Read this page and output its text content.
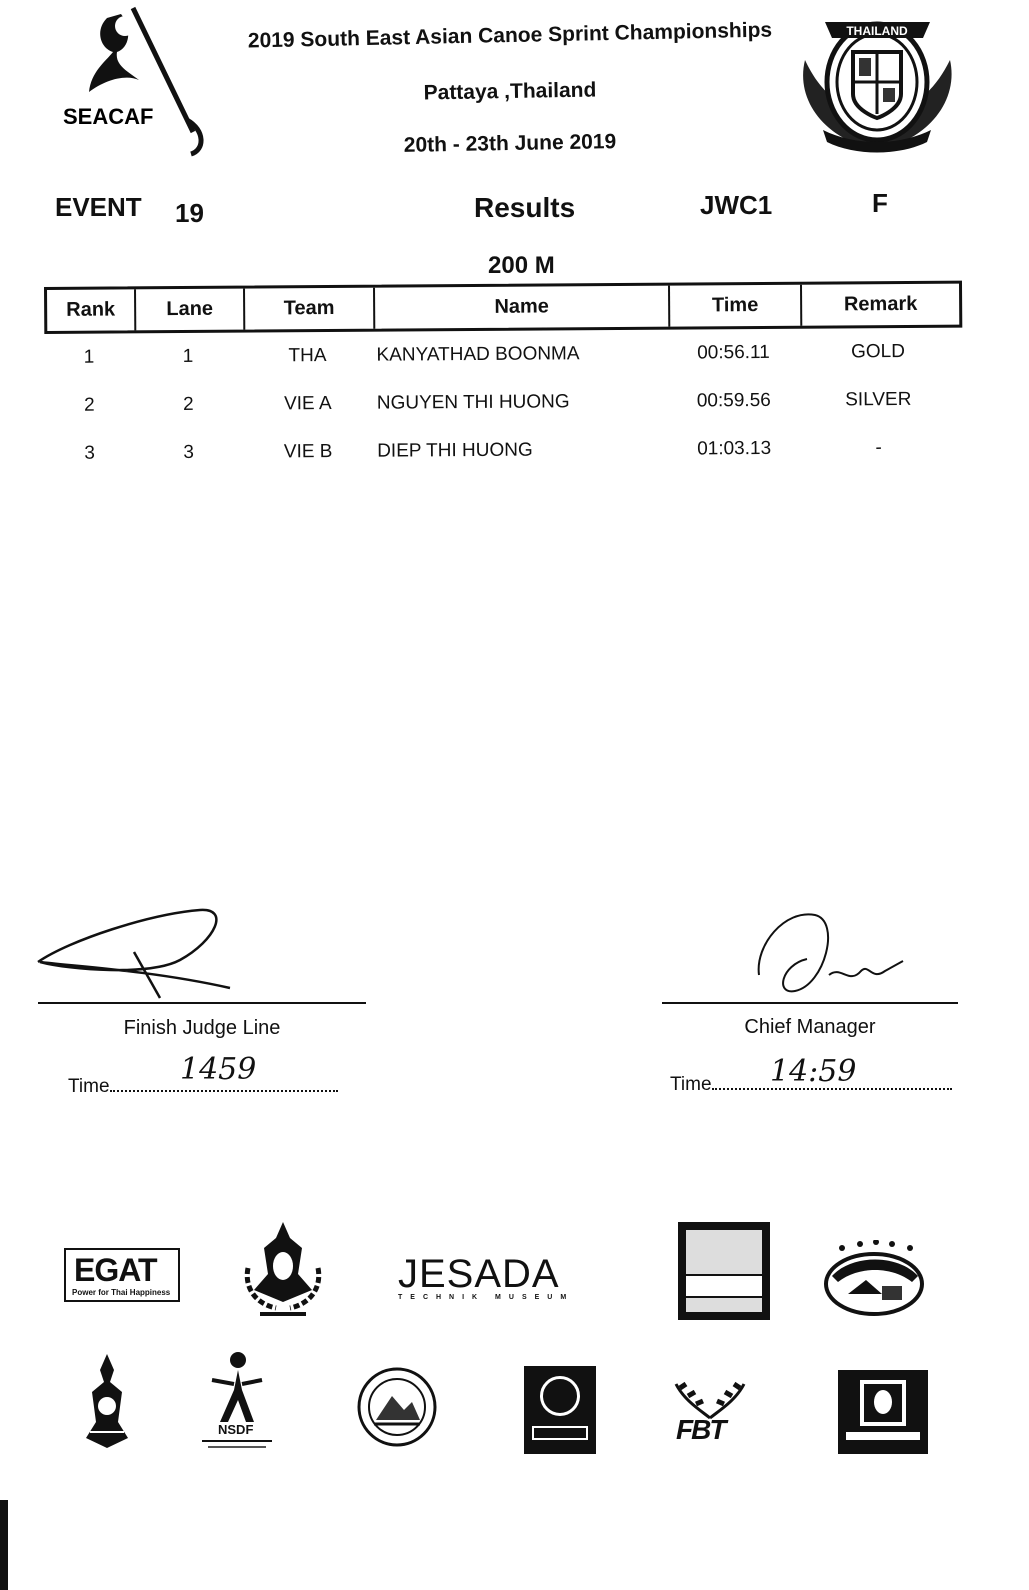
SEACAF
2019 South East Asian Canoe Sprint Championships
Pattaya ,Thailand
20th - 23th June 2019
THAILAND
EVENT 19	Results	JWC1	F
200 M
Rank	Lane	Team	Name	Time	Remark
1	1	THA	KANYATHAD BOONMA	00:56.11	GOLD
2	2	VIE A	NGUYEN THI HUONG	00:59.56	SILVER
3	3	VIE B	DIEP THI HUONG	01:03.13	-
Finish Judge Line	Chief Manager
Time	1459	Time	14:59
EGAT
Power for Thai Happiness	JESADA
TECHNIK MUSEUM
NSDF	FBT
